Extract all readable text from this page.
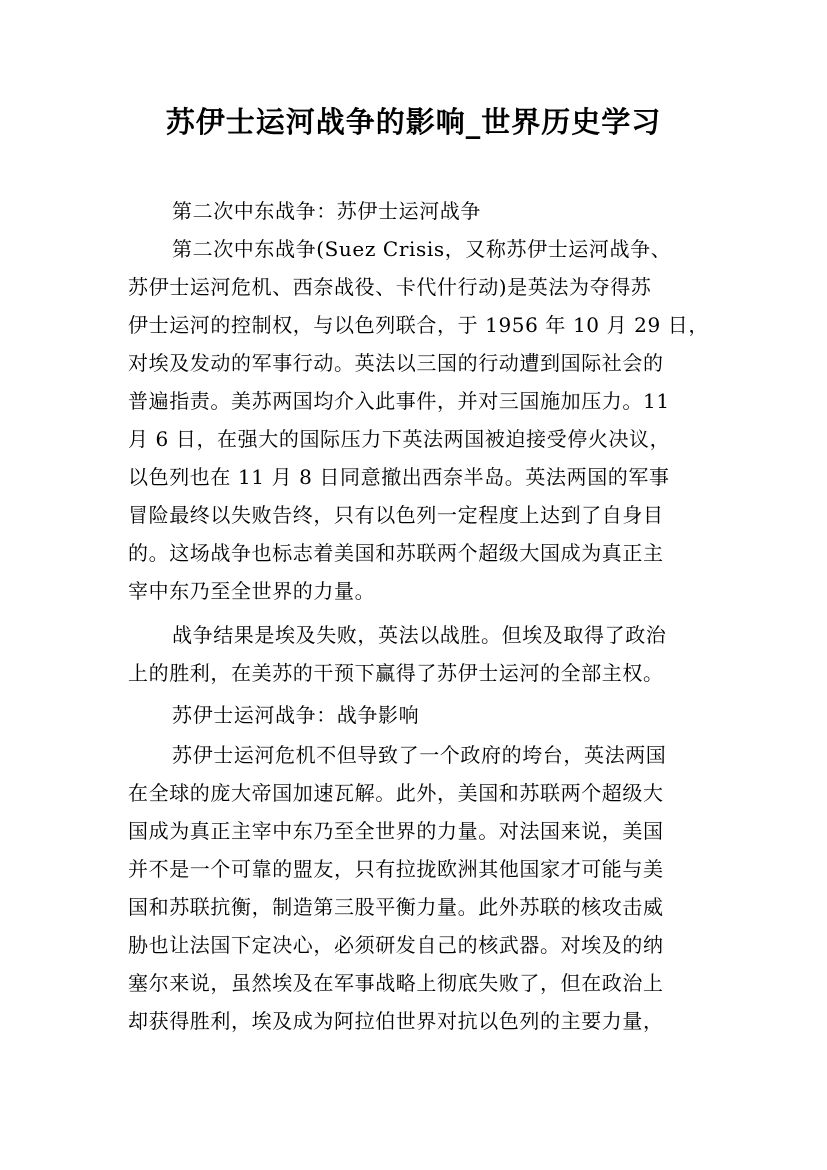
苏伊士运河战争的影响_世界历史学习
第二次中东战争：苏伊士运河战争
第二次中东战争(Suez Crisis，又称苏伊士运河战争、
苏伊士运河危机、西奈战役、卡代什行动)是英法为夺得苏
伊士运河的控制权，与以色列联合，于 1956 年 10 月 29 日，
对埃及发动的军事行动。英法以三国的行动遭到国际社会的
普遍指责。美苏两国均介入此事件，并对三国施加压力。11
月 6 日，在强大的国际压力下英法两国被迫接受停火决议，
以色列也在 11 月 8 日同意撤出西奈半岛。英法两国的军事
冒险最终以失败告终，只有以色列一定程度上达到了自身目
的。这场战争也标志着美国和苏联两个超级大国成为真正主
宰中东乃至全世界的力量。
战争结果是埃及失败，英法以战胜。但埃及取得了政治
上的胜利，在美苏的干预下赢得了苏伊士运河的全部主权。
苏伊士运河战争：战争影响
苏伊士运河危机不但导致了一个政府的垮台，英法两国
在全球的庞大帝国加速瓦解。此外，美国和苏联两个超级大
国成为真正主宰中东乃至全世界的力量。对法国来说，美国
并不是一个可靠的盟友，只有拉拢欧洲其他国家才可能与美
国和苏联抗衡，制造第三股平衡力量。此外苏联的核攻击威
胁也让法国下定决心，必须研发自己的核武器。对埃及的纳
塞尔来说，虽然埃及在军事战略上彻底失败了，但在政治上
却获得胜利，埃及成为阿拉伯世界对抗以色列的主要力量，
